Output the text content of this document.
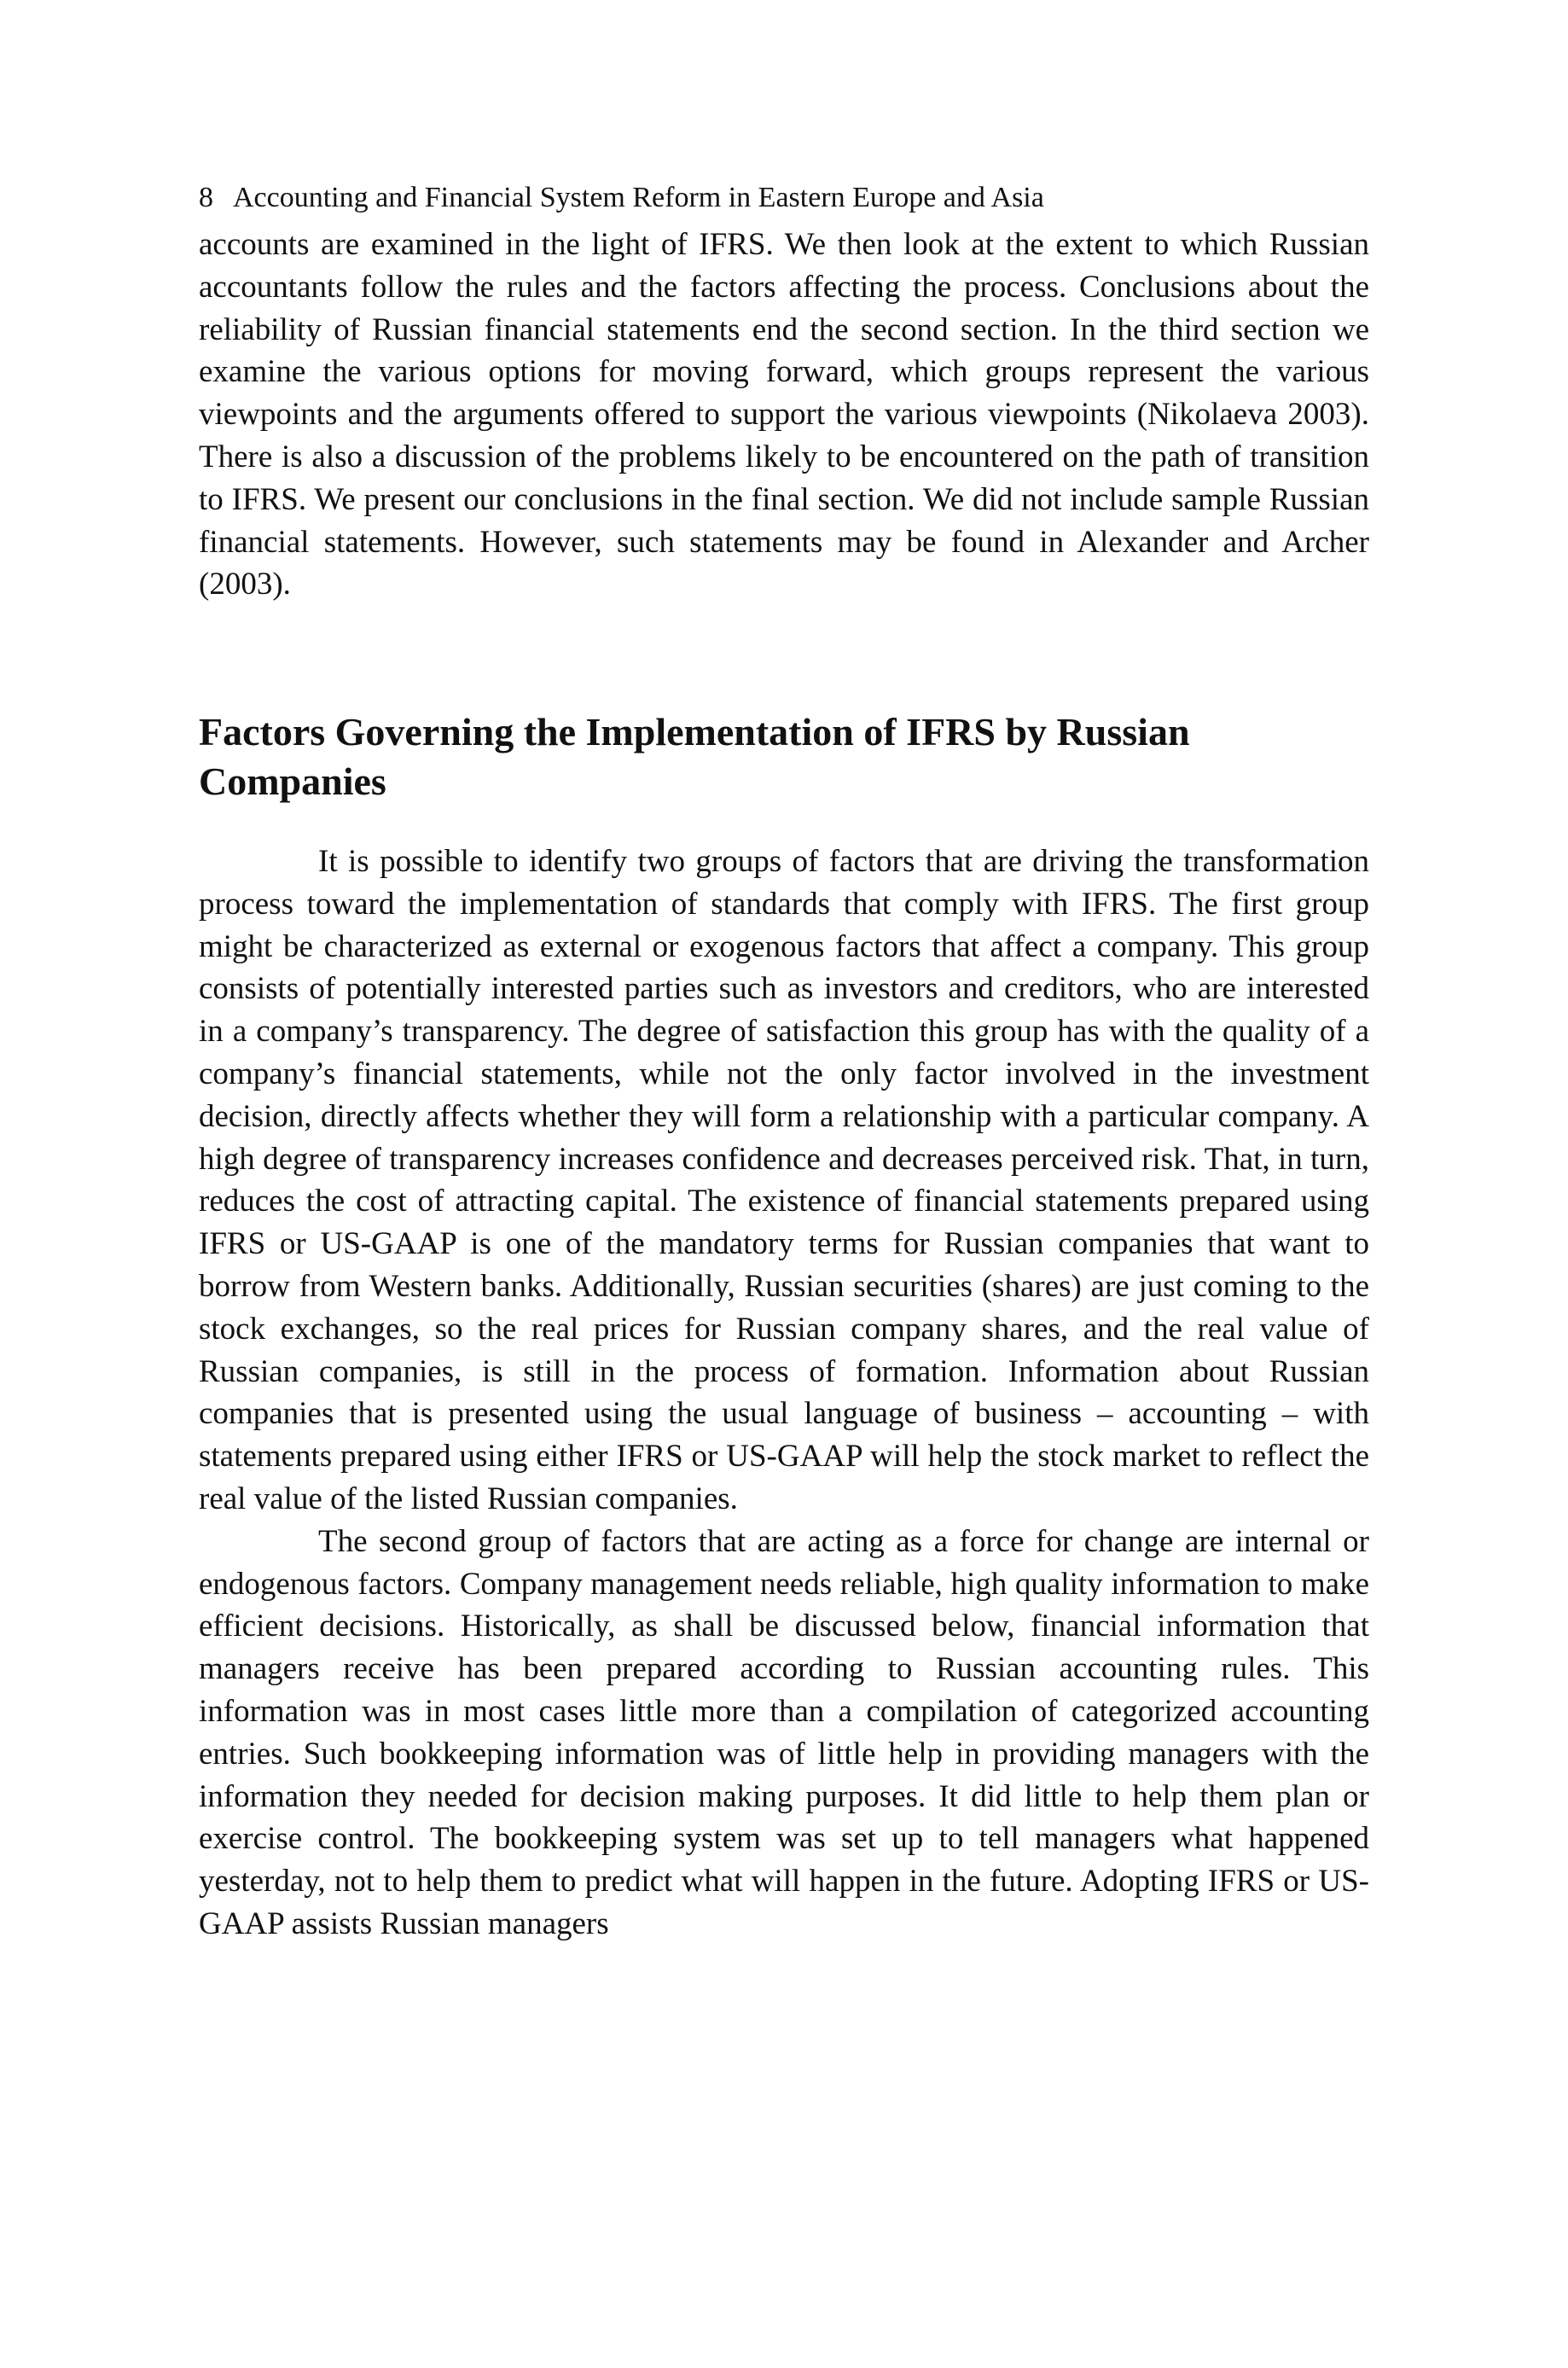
8 Accounting and Financial System Reform in Eastern Europe and Asia

accounts are examined in the light of IFRS. We then look at the extent to which Russian accountants follow the rules and the factors affecting the process. Conclusions about the reliability of Russian financial statements end the second section. In the third section we examine the various options for moving forward, which groups represent the various viewpoints and the arguments offered to support the various viewpoints (Nikolaeva 2003). There is also a discussion of the problems likely to be encountered on the path of transition to IFRS. We present our conclusions in the final section. We did not include sample Russian financial statements. However, such statements may be found in Alexander and Archer (2003).

Factors Governing the Implementation of IFRS by Russian Companies

It is possible to identify two groups of factors that are driving the transformation process toward the implementation of standards that comply with IFRS. The first group might be characterized as external or exogenous factors that affect a company. This group consists of potentially interested parties such as investors and creditors, who are interested in a company’s transparency. The degree of satisfaction this group has with the quality of a company’s financial statements, while not the only factor involved in the investment decision, directly affects whether they will form a relationship with a particular company. A high degree of transparency increases confidence and decreases perceived risk. That, in turn, reduces the cost of attracting capital. The existence of financial statements prepared using IFRS or US-GAAP is one of the mandatory terms for Russian companies that want to borrow from Western banks. Additionally, Russian securities (shares) are just coming to the stock exchanges, so the real prices for Russian company shares, and the real value of Russian companies, is still in the process of formation. Information about Russian companies that is presented using the usual language of business – accounting – with statements prepared using either IFRS or US-GAAP will help the stock market to reflect the real value of the listed Russian companies.

The second group of factors that are acting as a force for change are internal or endogenous factors. Company management needs reliable, high quality information to make efficient decisions. Historically, as shall be discussed below, financial information that managers receive has been prepared according to Russian accounting rules. This information was in most cases little more than a compilation of categorized accounting entries. Such bookkeeping information was of little help in providing managers with the information they needed for decision making purposes. It did little to help them plan or exercise control. The bookkeeping system was set up to tell managers what happened yesterday, not to help them to predict what will happen in the future. Adopting IFRS or US-GAAP assists Russian managers
